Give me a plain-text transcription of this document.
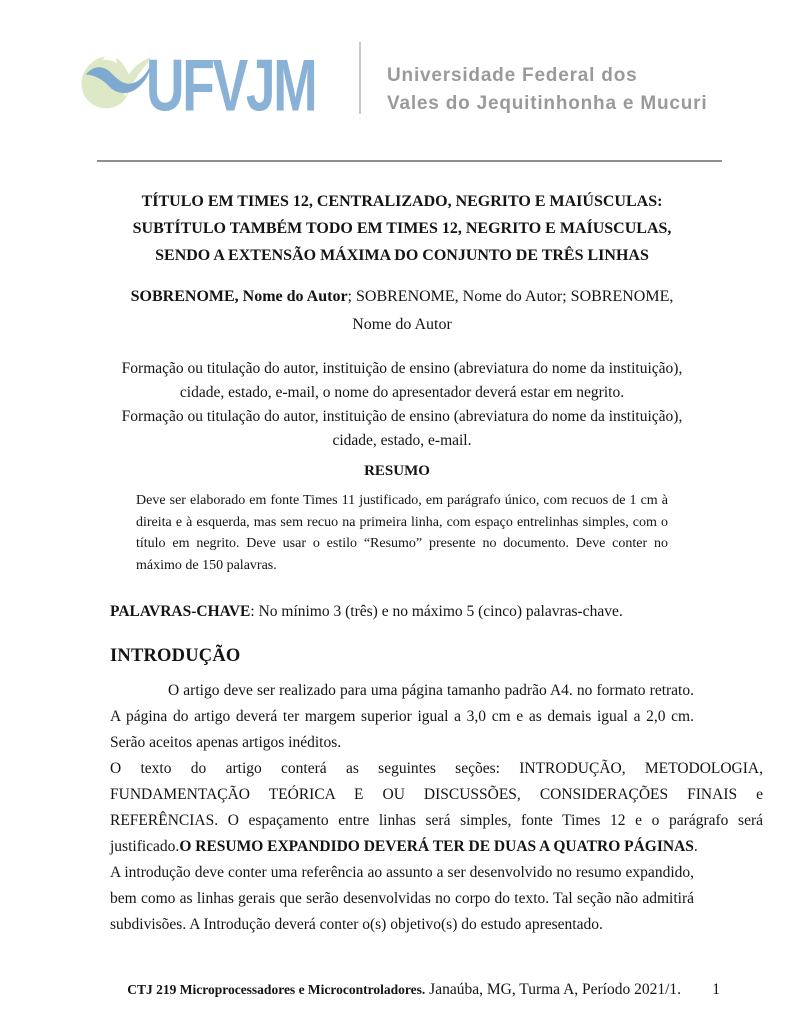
UFVJM	Universidade Federal dos
Vales do Jequitinhonha e Mucuri
TÍTULO EM TIMES 12, CENTRALIZADO, NEGRITO E MAIÚSCULAS: SUBTÍTULO TAMBÉM TODO EM TIMES 12, NEGRITO E MAÍUSCULAS, SENDO A EXTENSÃO MÁXIMA DO CONJUNTO DE TRÊS LINHAS

SOBRENOME, Nome do Autor; SOBRENOME, Nome do Autor; SOBRENOME, Nome do Autor

Formação ou titulação do autor, instituição de ensino (abreviatura do nome da instituição), cidade, estado, e-mail, o nome do apresentador deverá estar em negrito.

Formação ou titulação do autor, instituição de ensino (abreviatura do nome da instituição), cidade, estado, e-mail.

RESUMO

Deve ser elaborado em fonte Times 11 justificado, em parágrafo único, com recuos de 1 cm à direita e à esquerda, mas sem recuo na primeira linha, com espaço entrelinhas simples, com o título em negrito. Deve usar o estilo “Resumo” presente no documento. Deve conter no máximo de 150 palavras.

PALAVRAS-CHAVE: No mínimo 3 (três) e no máximo 5 (cinco) palavras-chave.

INTRODUÇÃO

O artigo deve ser realizado para uma página tamanho padrão A4. no formato retrato. A página do artigo deverá ter margem superior igual a 3,0 cm e as demais igual a 2,0 cm. Serão aceitos apenas artigos inéditos.

O texto do artigo conterá as seguintes seções: INTRODUÇÃO, METODOLOGIA, FUNDAMENTAÇÃO TEÓRICA E OU DISCUSSÕES, CONSIDERAÇÕES FINAIS e REFERÊNCIAS. O espaçamento entre linhas será simples, fonte Times 12 e o parágrafo será justificado.O RESUMO EXPANDIDO DEVERÁ TER DE DUAS A QUATRO PÁGINAS.

A introdução deve conter uma referência ao assunto a ser desenvolvido no resumo expandido, bem como as linhas gerais que serão desenvolvidas no corpo do texto. Tal seção não admitirá subdivisões. A Introdução deverá conter o(s) objetivo(s) do estudo apresentado.

CTJ 219 Microprocessadores e Microcontroladores. Janaúba, MG, Turma A, Período 2021/1.	1
